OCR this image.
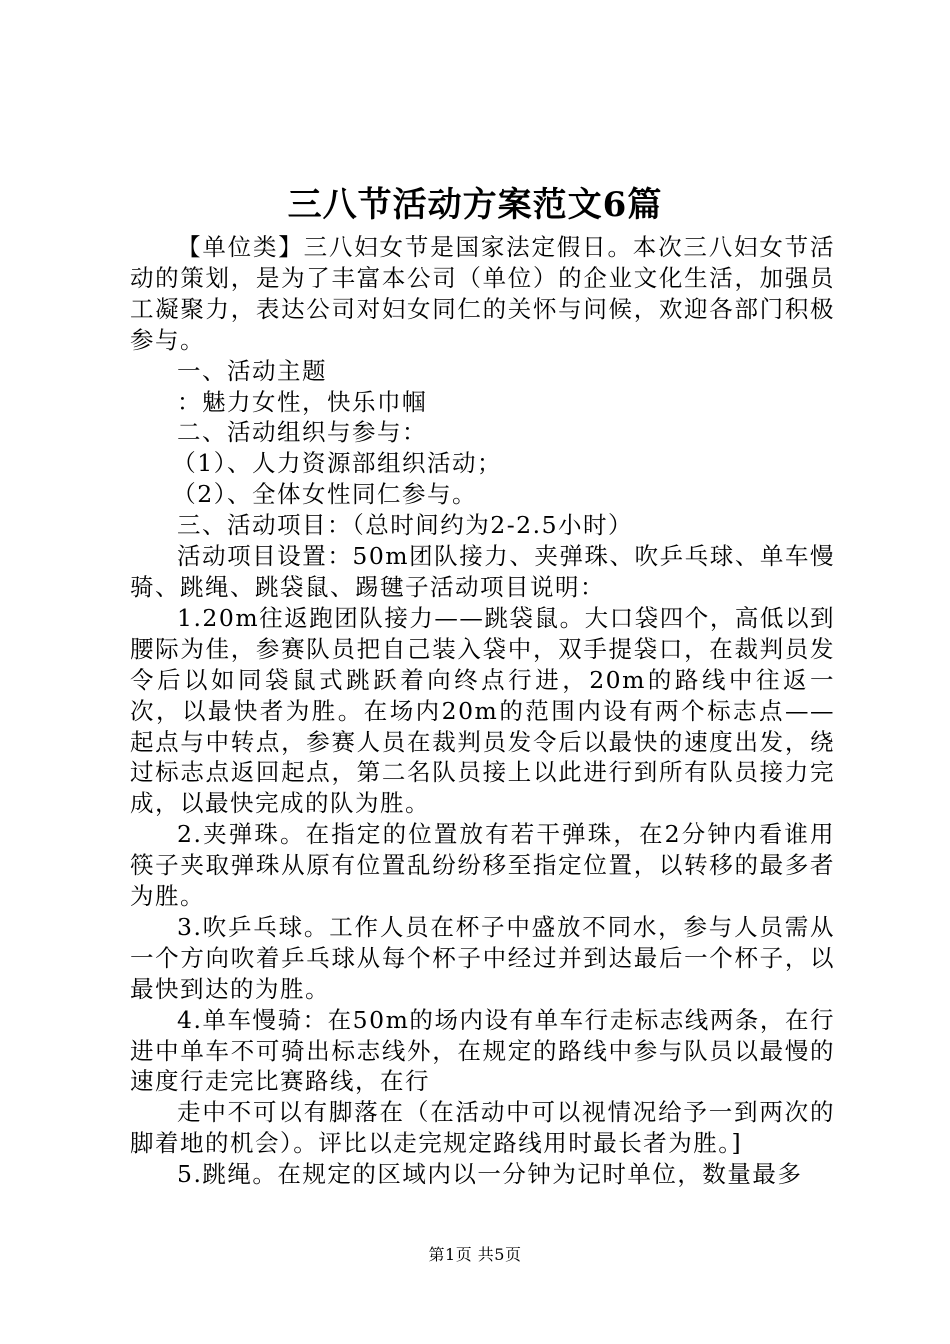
三八节活动方案范文6篇

【单位类】三八妇女节是国家法定假日。本次三八妇女节活动的策划，是为了丰富本公司（单位）的企业文化生活，加强员工凝聚力，表达公司对妇女同仁的关怀与问候，欢迎各部门积极参与。

一、活动主题

：魅力女性，快乐巾帼

二、活动组织与参与：

（1）、人力资源部组织活动；

（2）、全体女性同仁参与。

三、活动项目：（总时间约为2-2.5小时）

活动项目设置：50m团队接力、夹弹珠、吹乒乓球、单车慢骑、跳绳、跳袋鼠、踢毽子活动项目说明：

1.20m往返跑团队接力——跳袋鼠。大口袋四个，高低以到腰际为佳，参赛队员把自己装入袋中，双手提袋口，在裁判员发令后以如同袋鼠式跳跃着向终点行进，20m的路线中往返一次，以最快者为胜。在场内20m的范围内设有两个标志点——起点与中转点，参赛人员在裁判员发令后以最快的速度出发，绕过标志点返回起点，第二名队员接上以此进行到所有队员接力完成，以最快完成的队为胜。

2.夹弹珠。在指定的位置放有若干弹珠，在2分钟内看谁用筷子夹取弹珠从原有位置乱纷纷移至指定位置，以转移的最多者为胜。

3.吹乒乓球。工作人员在杯子中盛放不同水，参与人员需从一个方向吹着乒乓球从每个杯子中经过并到达最后一个杯子，以最快到达的为胜。

4.单车慢骑：在50m的场内设有单车行走标志线两条，在行进中单车不可骑出标志线外，在规定的路线中参与队员以最慢的速度行走完比赛路线，在行

走中不可以有脚落在（在活动中可以视情况给予一到两次的脚着地的机会）。评比以走完规定路线用时最长者为胜。]

5.跳绳。在规定的区域内以一分钟为记时单位，数量最多

第1页 共5页
